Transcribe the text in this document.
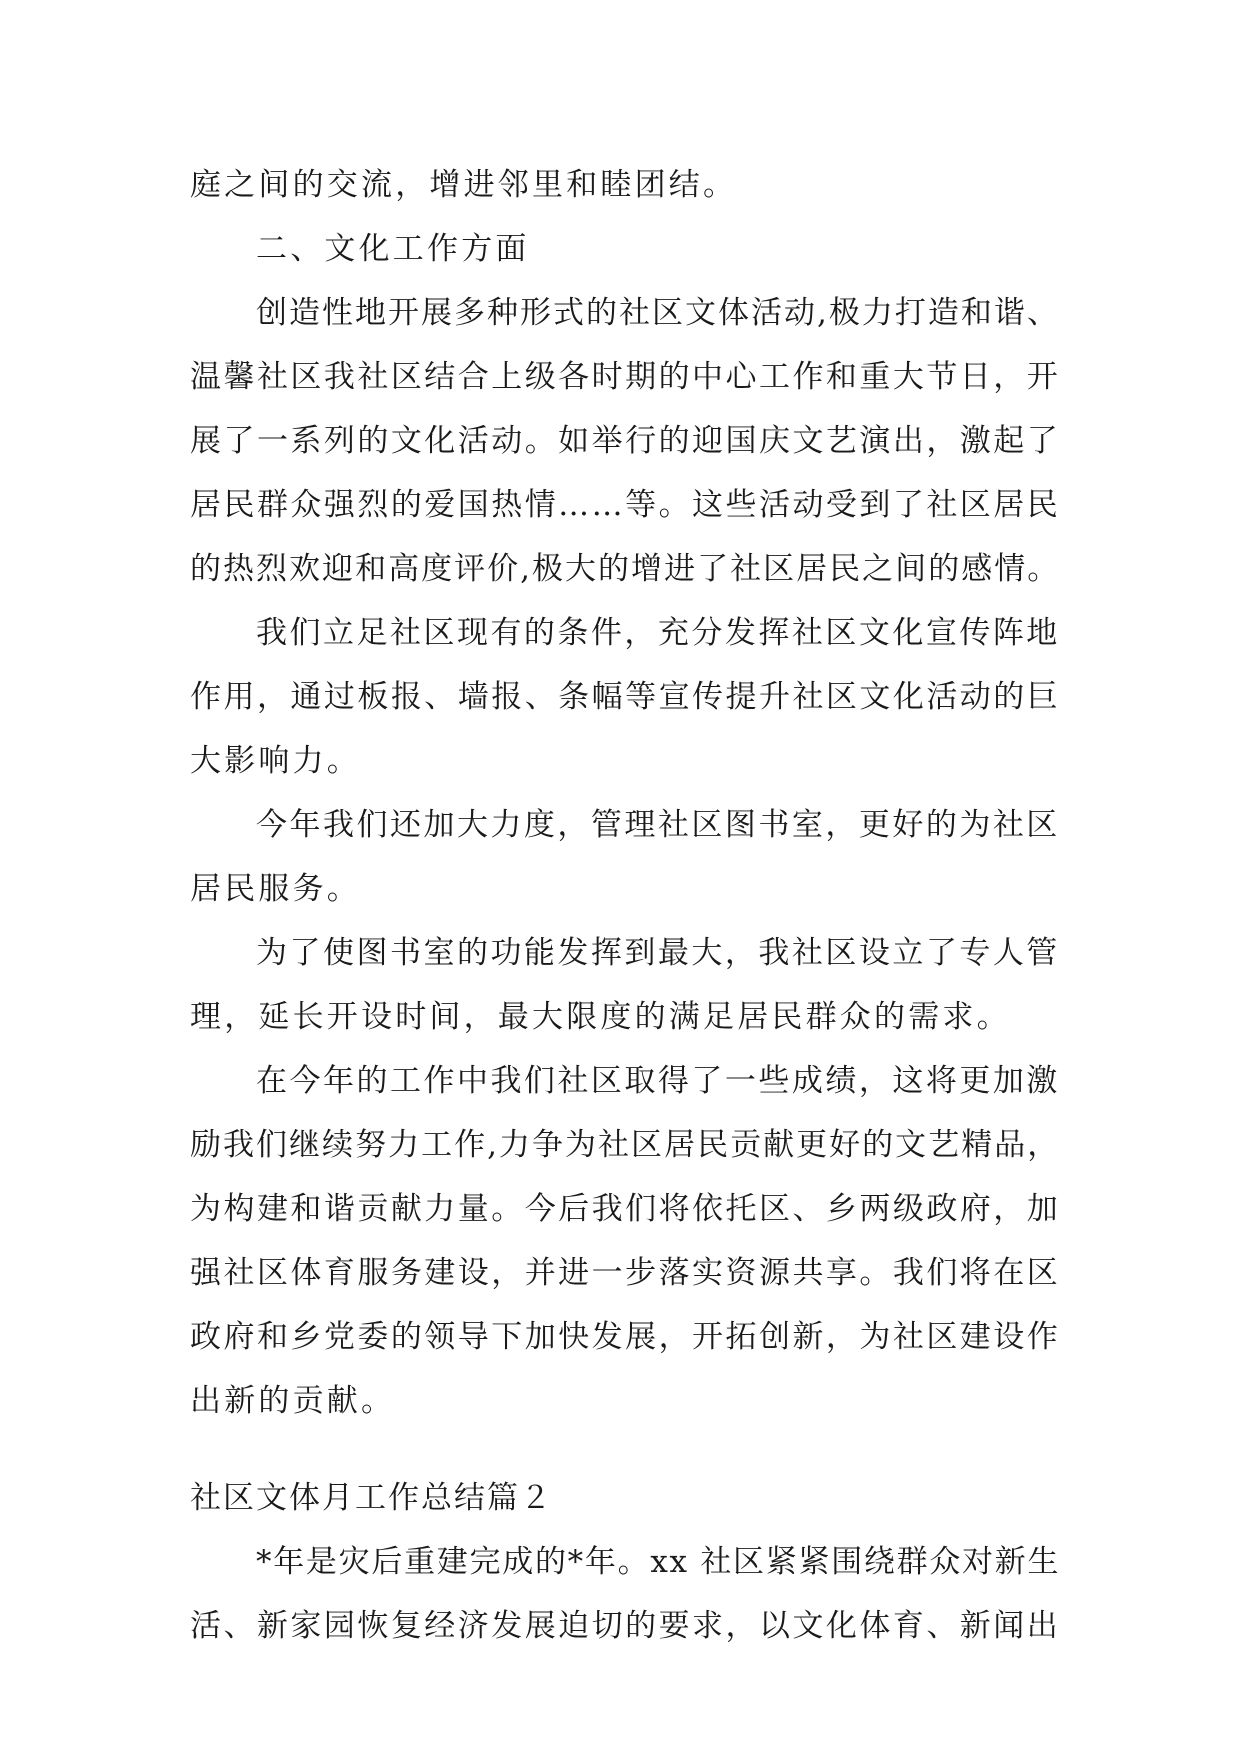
庭之间的交流，增进邻里和睦团结。
二、文化工作方面
创造性地开展多种形式的社区文体活动,极力打造和谐、
温馨社区我社区结合上级各时期的中心工作和重大节日，开
展了一系列的文化活动。如举行的迎国庆文艺演出，激起了
居民群众强烈的爱国热情……等。这些活动受到了社区居民
的热烈欢迎和高度评价,极大的增进了社区居民之间的感情。
我们立足社区现有的条件，充分发挥社区文化宣传阵地
作用，通过板报、墙报、条幅等宣传提升社区文化活动的巨
大影响力。
今年我们还加大力度，管理社区图书室，更好的为社区
居民服务。
为了使图书室的功能发挥到最大，我社区设立了专人管
理，延长开设时间，最大限度的满足居民群众的需求。
在今年的工作中我们社区取得了一些成绩，这将更加激
励我们继续努力工作,力争为社区居民贡献更好的文艺精品，
为构建和谐贡献力量。今后我们将依托区、乡两级政府，加
强社区体育服务建设，并进一步落实资源共享。我们将在区
政府和乡党委的领导下加快发展，开拓创新，为社区建设作
出新的贡献。
社区文体月工作总结篇２
*年是灾后重建完成的*年。xx 社区紧紧围绕群众对新生
活、新家园恢复经济发展迫切的要求，以文化体育、新闻出
